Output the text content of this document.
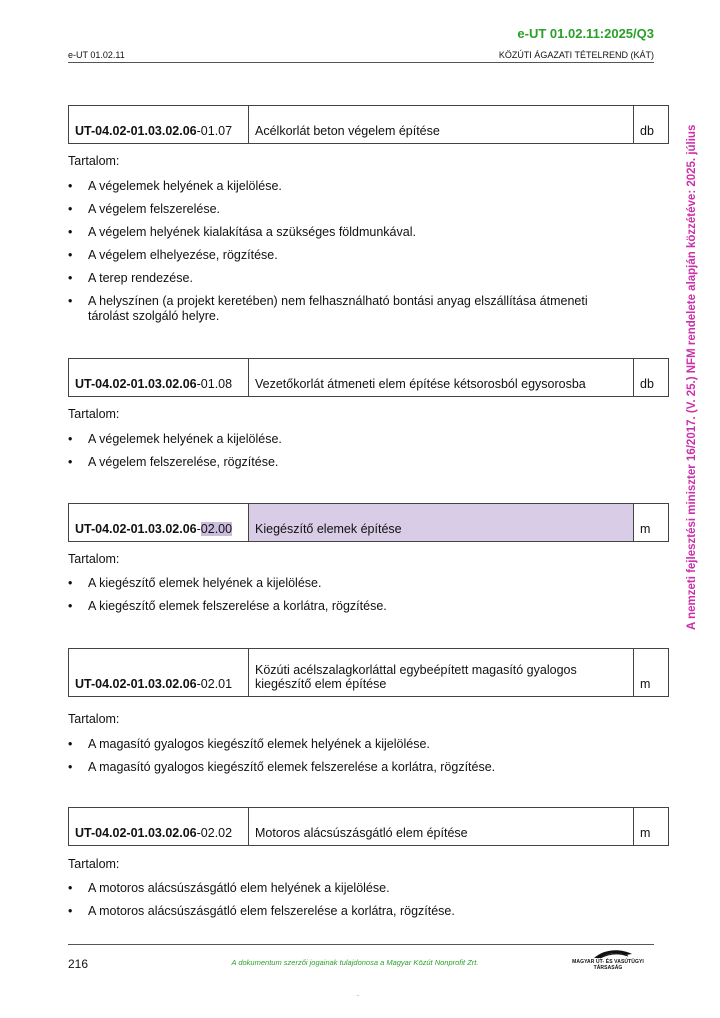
e-UT 01.02.11:2025/Q3
e-UT 01.02.11	KÖZÚTI ÁGAZATI TÉTELREND (KÁT)
A nemzeti fejlesztési miniszter 16/2017. (V. 25.) NFM rendelete alapján közzétéve: 2025. július
UT-04.02-01.03.02.06-01.07	Acélkorlát beton végelem építése	db
Tartalom:
• A végelemek helyének a kijelölése.
• A végelem felszerelése.
• A végelem helyének kialakítása a szükséges földmunkával.
• A végelem elhelyezése, rögzítése.
• A terep rendezése.
• A helyszínen (a projekt keretében) nem felhasználható bontási anyag elszállítása átmeneti tárolást szolgáló helyre.
UT-04.02-01.03.02.06-01.08	Vezetőkorlát átmeneti elem építése kétsorosból egysorosba	db
Tartalom:
• A végelemek helyének a kijelölése.
• A végelem felszerelése, rögzítése.
UT-04.02-01.03.02.06-02.00	Kiegészítő elemek építése	m
Tartalom:
• A kiegészítő elemek helyének a kijelölése.
• A kiegészítő elemek felszerelése a korlátra, rögzítése.
UT-04.02-01.03.02.06-02.01	Közúti acélszalagkorláttal egybeépített magasító gyalogos
kiegészítő elem építése	m
Tartalom:
• A magasító gyalogos kiegészítő elemek helyének a kijelölése.
• A magasító gyalogos kiegészítő elemek felszerelése a korlátra, rögzítése.
UT-04.02-01.03.02.06-02.02	Motoros alácsúszásgátló elem építése	m
Tartalom:
• A motoros alácsúszásgátló elem helyének a kijelölése.
• A motoros alácsúszásgátló elem felszerelése a korlátra, rögzítése.
216	A dokumentum szerzői jogainak tulajdonosa a Magyar Közút Nonprofit Zrt.	MAGYAR ÚT- ÉS VASÚTÜGYI TÁRSASÁG
